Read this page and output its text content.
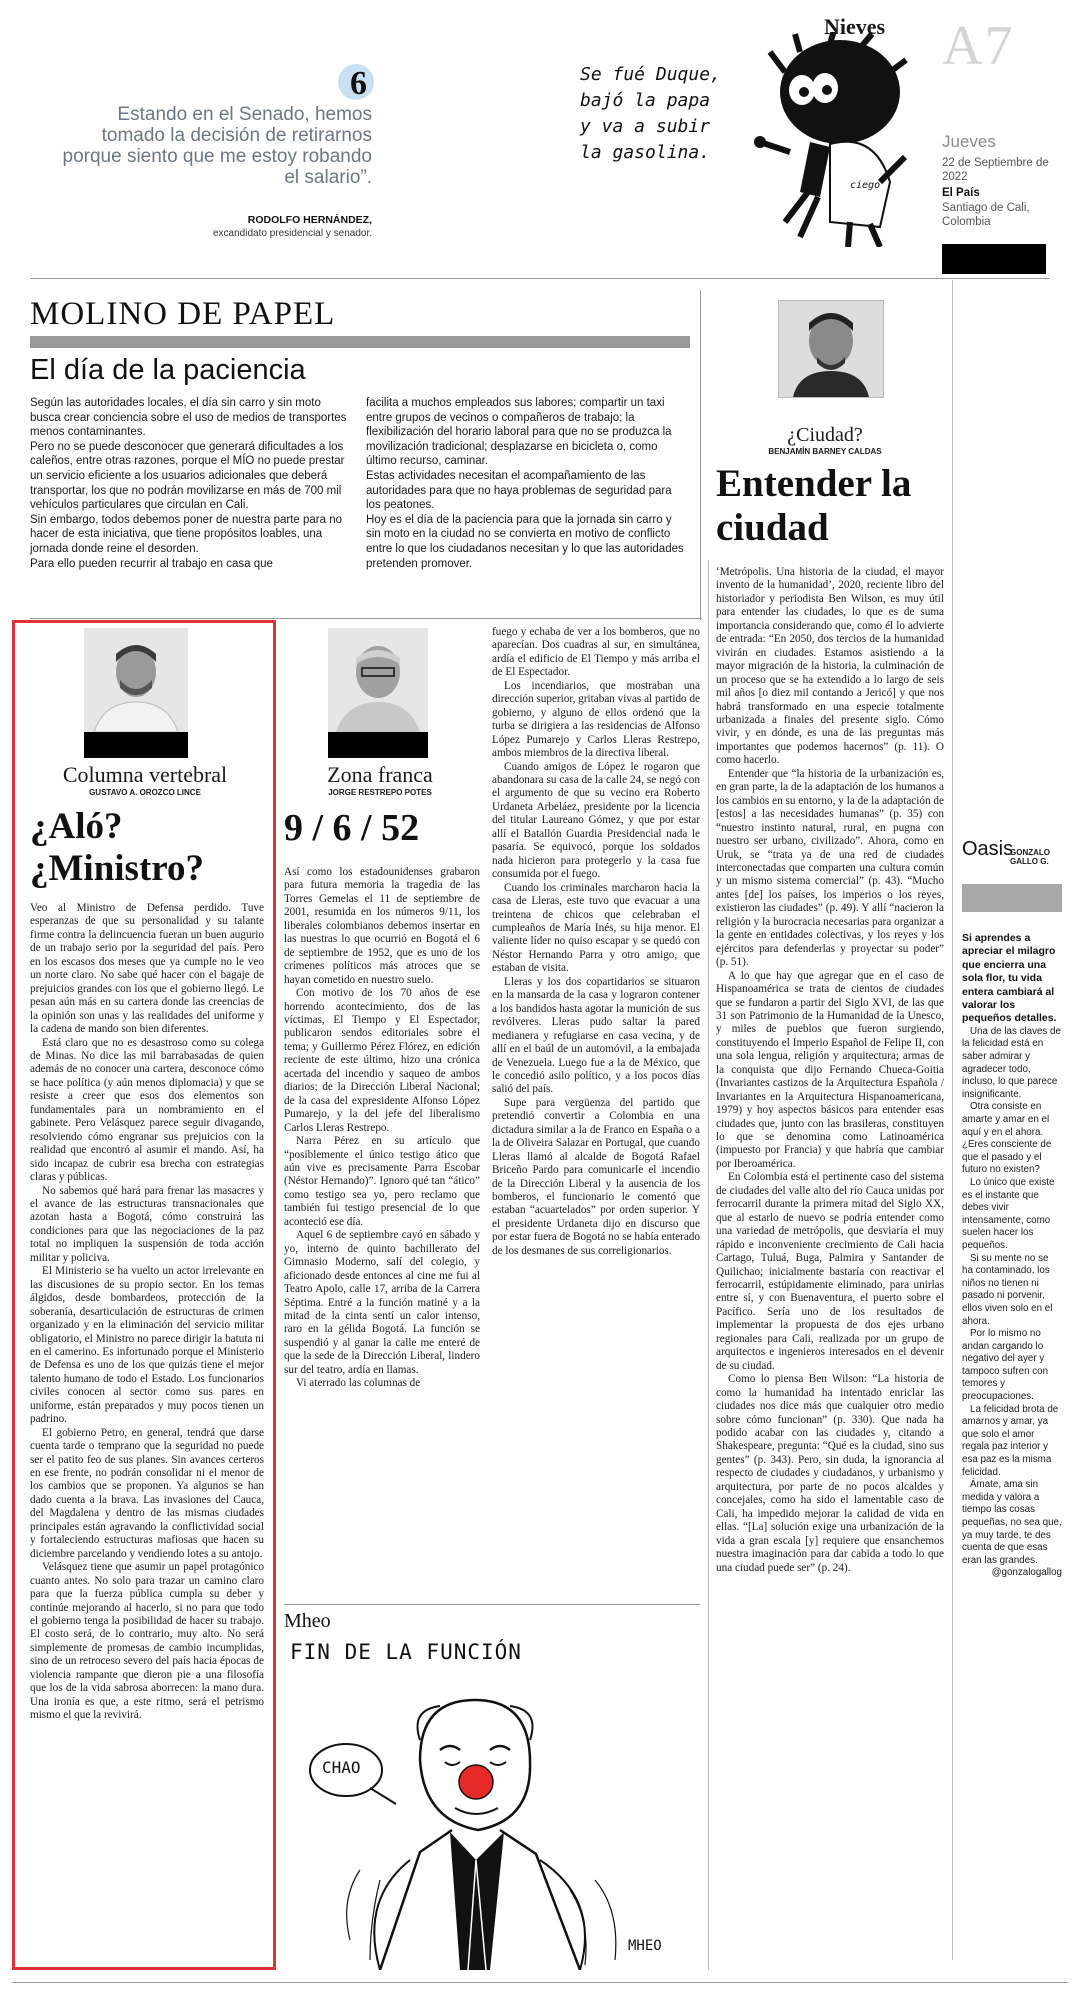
6
Estando en el Senado, hemos tomado la decisión de retirarnos porque siento que me estoy robando el salario”.
RODOLFO HERNÁNDEZ,
excandidato presidencial y senador.
Nieves
Se fué Duque, bajó la papa y va a subir la gasolina.
ciego
A7
Jueves
22 de Septiembre de 2022
El País
Santiago de Cali, Colombia
MOLINO DE PAPEL
El día de la paciencia

Según las autoridades locales, el día sin carro y sin moto busca crear conciencia sobre el uso de medios de transportes menos contaminantes.

Pero no se puede desconocer que generará dificultades a los caleños, entre otras razones, porque el MÍO no puede prestar un servicio eficiente a los usuarios adicionales que deberá transportar, los que no podrán movilizarse en más de 700 mil vehículos particulares que circulan en Cali.

Sin embargo, todos debemos poner de nuestra parte para no hacer de esta iniciativa, que tiene propósitos loables, una jornada donde reine el desorden.

Para ello pueden recurrir al trabajo en casa que

facilita a muchos empleados sus labores; compartir un taxi entre grupos de vecinos o compañeros de trabajo; la flexibilización del horario laboral para que no se produzca la movilización tradicional; desplazarse en bicicleta o, como último recurso, caminar.

Estas actividades necesitan el acompañamiento de las autoridades para que no haya problemas de seguridad para los peatones.

Hoy es el día de la paciencia para que la jornada sin carro y sin moto en la ciudad no se convierta en motivo de conflicto entre lo que los ciudadanos necesitan y lo que las autoridades pretenden promover.

¿Ciudad?
BENJAMÍN BARNEY CALDAS
Entender la ciudad

‘Metrópolis. Una historia de la ciudad, el mayor invento de la humanidad’, 2020, reciente libro del historiador y periodista Ben Wilson, es muy útil para entender las ciudades, lo que es de suma importancia considerando que, como él lo advierte de entrada: “En 2050, dos tercios de la humanidad vivirán en ciudades. Estamos asistiendo a la mayor migración de la historia, la culminación de un proceso que se ha extendido a lo largo de seis mil años [o diez mil contando a Jericó] y que nos habrá transformado en una especie totalmente urbanizada a finales del presente siglo. Cómo vivir, y en dónde, es una de las preguntas más importantes que podemos hacernos” (p. 11). O como hacerlo.

Entender que “la historia de la urbanización es, en gran parte, la de la adaptación de los humanos a los cambios en su entorno, y la de la adaptación de [estos] a las necesidades humanas” (p. 35) con “nuestro instinto natural, rural, en pugna con nuestro ser urbano, civilizado”. Ahora, como en Uruk, se “trata ya de una red de ciudades interconectadas que comparten una cultura común y un mismo sistema comercial” (p. 43). “Mucho antes [de] los países, los imperios o los reyes, existieron las ciudades” (p. 49). Y allí “nacieron la religión y la burocracia necesarias para organizar a la gente en entidades colectivas, y los reyes y los ejércitos para defenderlas y proyectar su poder” (p. 51).

A lo que hay que agregar que en el caso de Hispanoamérica se trata de cientos de ciudades que se fundaron a partir del Siglo XVI, de las que 31 son Patrimonio de la Humanidad de la Unesco, y miles de pueblos que fueron surgiendo, constituyendo el Imperio Español de Felipe II, con una sola lengua, religión y arquitectura; armas de la conquista que dijo Fernando Chueca-Goitia (Invariantes castizos de la Arquitectura Española / Invariantes en la Arquitectura Hispanoamericana, 1979) y hoy aspectos básicos para entender esas ciudades que, junto con las brasileras, constituyen lo que se denomina como Latinoamérica (impuesto por Francia) y que habría que cambiar por Iberoamérica.

En Colombia está el pertinente caso del sistema de ciudades del valle alto del río Cauca unidas por ferrocarril durante la primera mitad del Siglo XX, que al estarlo de nuevo se podría entender como una variedad de metrópolis, que desviaría el muy rápido e inconveniente crecimiento de Cali hacia Cartago, Tuluá, Buga, Palmira y Santander de Quilichao; inicialmente bastaría con reactivar el ferrocarril, estúpidamente eliminado, para unirlas entre sí, y con Buenaventura, el puerto sobre el Pacífico. Sería uno de los resultados de implementar la propuesta de dos ejes urbano regionales para Cali, realizada por un grupo de arquitectos e ingenieros interesados en el devenir de su ciudad.

Como lo piensa Ben Wilson: “La historia de como la humanidad ha intentado enriclar las ciudades nos dice más que cualquier otro medio sobre cómo funcionan” (p. 330). Que nada ha podido acabar con las ciudades y, citando a Shakespeare, pregunta: “Qué es la ciudad, sino sus gentes” (p. 343). Pero, sin duda, la ignorancia al respecto de ciudades y ciudadanos, y urbanismo y arquitectura, por parte de no pocos alcaldes y concejales, como ha sido el lamentable caso de Cali, ha impedido mejorar la calidad de vida en ellas. “[La] solución exige una urbanización de la vida a gran escala [y] requiere que ensanchemos nuestra imaginación para dar cabida a todo lo que una ciudad puede ser” (p. 24).

Oasis
GONZALO GALLO G.
Si aprendes a apreciar el milagro que encierra una sola flor, tu vida entera cambiará al valorar los pequeños detalles.

Una de las claves de la felicidad está en saber admirar y agradecer todo, incluso, lo que parece insignificante.

Otra consiste en amarte y amar en el aquí y en el ahora. ¿Eres consciente de que el pasado y el futuro no existen?

Lo único que existe es el instante que debes vivir intensamente, como suelen hacer los pequeños.

Si su mente no se ha contaminado, los niños no tienen ni pasado ni porvenir, ellos viven solo en el ahora.

Por lo mismo no andan cargando lo negativo del ayer y tampoco sufren con temores y preocupaciones.

La felicidad brota de amarnos y amar, ya que solo el amor regala paz interior y esa paz es la misma felicidad.

Ámate, ama sin medida y valora a tiempo las cosas pequeñas, no sea que, ya muy tarde, te des cuenta de que esas eran las grandes.

@gonzalogallog
Columna vertebral
GUSTAVO A. OROZCO LINCE
¿Aló? ¿Ministro?

Veo al Ministro de Defensa perdido. Tuve esperanzas de que su personalidad y su talante firme contra la delincuencia fueran un buen augurio de un trabajo serio por la seguridad del país. Pero en los escasos dos meses que ya cumple no le veo un norte claro. No sabe qué hacer con el bagaje de prejuicios grandes con los que el gobierno llegó. Le pesan aún más en su cartera donde las creencias de la opinión son unas y las realidades del uniforme y la cadena de mando son bien diferentes.

Está claro que no es desastroso como su colega de Minas. No dice las mil barrabasadas de quien además de no conocer una cartera, desconoce cómo se hace política (y aún menos diplomacia) y que se resiste a creer que esos dos elementos son fundamentales para un nombramiento en el gabinete. Pero Velásquez parece seguir divagando, resolviendo cómo engranar sus prejuicios con la realidad que encontró al asumir el mando. Así, ha sido incapaz de cubrir esa brecha con estrategias claras y públicas.

No sabemos qué hará para frenar las masacres y el avance de las estructuras transnacionales que azotan hasta a Bogotá, cómo construirá las condiciones para que las negociaciones de la paz total no impliquen la suspensión de toda acción militar y policiva.

El Ministerio se ha vuelto un actor irrelevante en las discusiones de su propio sector. En los temas álgidos, desde bombardeos, protección de la soberanía, desarticulación de estructuras de crimen organizado y en la eliminación del servicio militar obligatorio, el Ministro no parece dirigir la batuta ni en el camerino. Es infortunado porque el Ministerio de Defensa es uno de los que quizás tiene el mejor talento humano de todo el Estado. Los funcionarios civiles conocen al sector como sus pares en uniforme, están preparados y muy pocos tienen un padrino.

El gobierno Petro, en general, tendrá que darse cuenta tarde o temprano que la seguridad no puede ser el patito feo de sus planes. Sin avances certeros en ese frente, no podrán consolidar ni el menor de los cambios que se proponen. Ya algunos se han dado cuenta a la brava. Las invasiones del Cauca, del Magdalena y dentro de las mismas ciudades principales están agravando la conflictividad social y fortaleciendo estructuras mafiosas que hacen su diciembre parcelando y vendiendo lotes a su antojo.

Velásquez tiene que asumir un papel protagónico cuanto antes. No solo para trazar un camino claro para que la fuerza pública cumpla su deber y continúe mejorando al hacerlo, si no para que todo el gobierno tenga la posibilidad de hacer su trabajo. El costo será, de lo contrario, muy alto. No será simplemente de promesas de cambio incumplidas, sino de un retroceso severo del país hacia épocas de violencia rampante que dieron pie a una filosofía que los de la vida sabrosa aborrecen: la mano dura. Una ironía es que, a este ritmo, será el petrismo mismo el que la revivirá.

Zona franca
JORGE RESTREPO POTES
9 / 6 / 52

Así como los estadounidenses grabaron para futura memoria la tragedia de las Torres Gemelas el 11 de septiembre de 2001, resumida en los números 9/11, los liberales colombianos debemos insertar en las nuestras lo que ocurrió en Bogotá el 6 de septiembre de 1952, que es uno de los crímenes políticos más atroces que se hayan cometido en nuestro suelo.

Con motivo de los 70 años de ese horrendo acontecimiento, dos de las víctimas, El Tiempo y El Espectador, publicaron sendos editoriales sobre el tema; y Guillermo Pérez Flórez, en edición reciente de este último, hizo una crónica acertada del incendio y saqueo de ambos diarios; de la Dirección Liberal Nacional; de la casa del expresidente Alfonso López Pumarejo, y la del jefe del liberalismo Carlos Lleras Restrepo.

Narra Pérez en su artículo que “posiblemente el único testigo ático que aún vive es precisamente Parra Escobar (Néstor Hernando)”. Ignoro qué tan “ático” como testigo sea yo, pero reclamo que también fui testigo presencial de lo que aconteció ese día.

Aquel 6 de septiembre cayó en sábado y yo, interno de quinto bachillerato del Gimnasio Moderno, salí del colegio, y aficionado desde entonces al cine me fui al Teatro Apolo, calle 17, arriba de la Carrera Séptima. Entré a la función matiné y a la mitad de la cinta sentí un calor intenso, raro en la gélida Bogotá. La función se suspendió y al ganar la calle me enteré de que la sede de la Dirección Liberal, lindero sur del teatro, ardía en llamas.

Vi aterrado las columnas de

fuego y echaba de ver a los bomberos, que no aparecían. Dos cuadras al sur, en simultánea, ardía el edificio de El Tiempo y más arriba el de El Espectador.

Los incendiarios, que mostraban una dirección superior, gritaban vivas al partido de gobierno, y alguno de ellos ordenó que la turba se dirigiera a las residencias de Alfonso López Pumarejo y Carlos Lleras Restrepo, ambos miembros de la directiva liberal.

Cuando amigos de López le rogaron que abandonara su casa de la calle 24, se negó con el argumento de que su vecino era Roberto Urdaneta Arbeláez, presidente por la licencia del titular Laureano Gómez, y que por estar allí el Batallón Guardia Presidencial nada le pasaría. Se equivocó, porque los soldados nada hicieron para protegerlo y la casa fue consumida por el fuego.

Cuando los criminales marcharon hacia la casa de Lleras, este tuvo que evacuar a una treintena de chicos que celebraban el cumpleaños de María Inés, su hija menor. El valiente líder no quiso escapar y se quedó con Néstor Hernando Parra y otro amigo, que estaban de visita.

Lleras y los dos copartidarios se situaron en la mansarda de la casa y lograron contener a los bandidos hasta agotar la munición de sus revólveres. Lleras pudo saltar la pared medianera y refugiarse en casa vecina, y de allí en el baúl de un automóvil, a la embajada de Venezuela. Luego fue a la de México, que le concedió asilo político, y a los pocos días salió del país.

Supe para vergüenza del partido que pretendió convertir a Colombia en una dictadura similar a la de Franco en España o a la de Oliveira Salazar en Portugal, que cuando Lleras llamó al alcalde de Bogotá Rafael Briceño Pardo para comunicarle el incendio de la Dirección Liberal y la ausencia de los bomberos, el funcionario le comentó que estaban “acuartelados” por orden superior. Y el presidente Urdaneta dijo en discurso que por estar fuera de Bogotá no se había enterado de los desmanes de sus correligionarios.

Mheo
FIN DE LA FUNCIÓN
CHAO
MHEO
